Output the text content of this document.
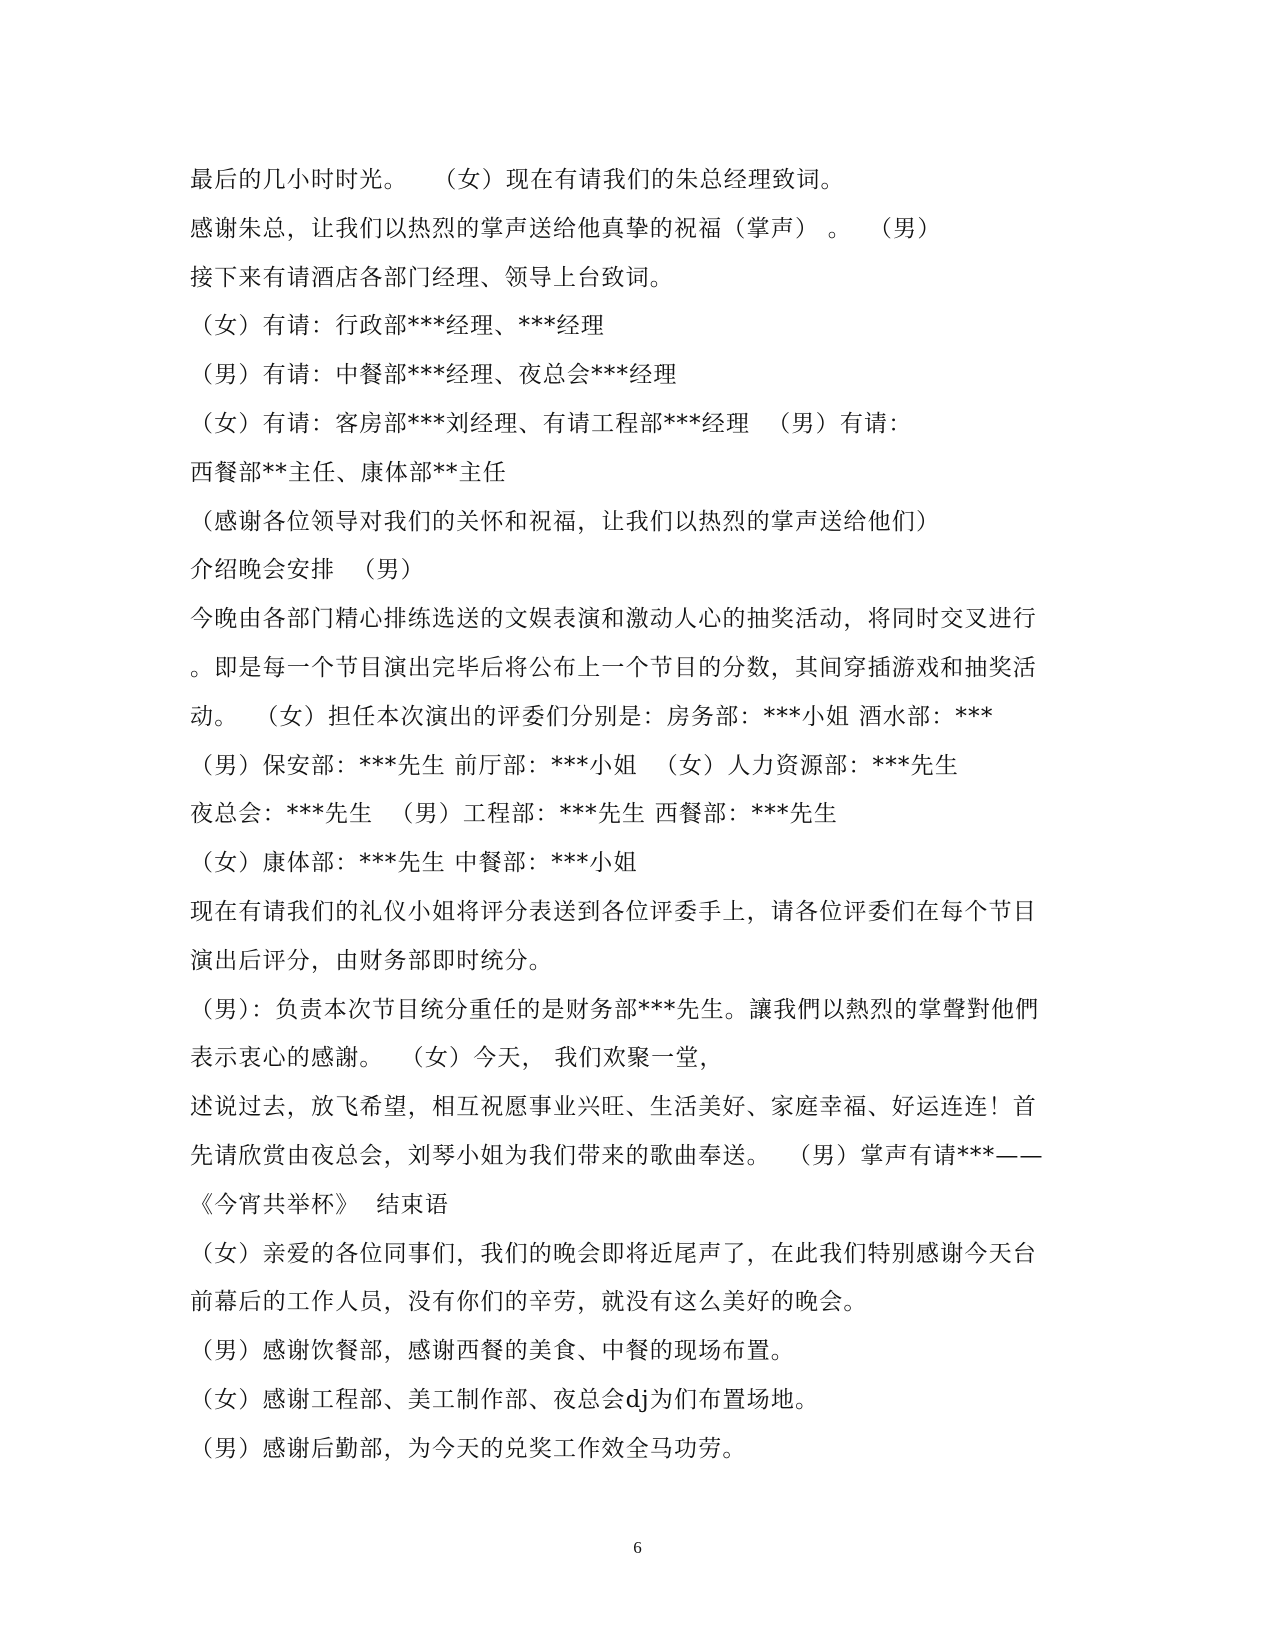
最后的几小时时光。   （女）现在有请我们的朱总经理致词。
感谢朱总，让我们以热烈的掌声送给他真挚的祝福（掌声） 。  （男）
接下来有请酒店各部门经理、领导上台致词。
（女）有请：行政部***经理、***经理
（男）有请：中餐部***经理、夜总会***经理
（女）有请：客房部***刘经理、有请工程部***经理  （男）有请：
西餐部**主任、康体部**主任
（感谢各位领导对我们的关怀和祝福，让我们以热烈的掌声送给他们）
介绍晚会安排  （男）
今晚由各部门精心排练选送的文娱表演和激动人心的抽奖活动，将同时交叉进行
。即是每一个节目演出完毕后将公布上一个节目的分数，其间穿插游戏和抽奖活
动。  （女）担任本次演出的评委们分别是：房务部：***小姐 酒水部：***
（男）保安部：***先生 前厅部：***小姐  （女）人力资源部：***先生
夜总会：***先生  （男）工程部：***先生 西餐部：***先生
（女）康体部：***先生 中餐部：***小姐
现在有请我们的礼仪小姐将评分表送到各位评委手上，请各位评委们在每个节目
演出后评分，由财务部即时统分。
（男）：负责本次节目统分重任的是财务部***先生。讓我們以熱烈的掌聲對他們
表示衷心的感謝。  （女）今天， 我们欢聚一堂，
述说过去，放飞希望，相互祝愿事业兴旺、生活美好、家庭幸福、好运连连！首
先请欣赏由夜总会，刘琴小姐为我们带来的歌曲奉送。  （男）掌声有请***——
《今宵共举杯》  结束语
（女）亲爱的各位同事们，我们的晚会即将近尾声了，在此我们特别感谢今天台
前幕后的工作人员，没有你们的辛劳，就没有这么美好的晚会。
（男）感谢饮餐部，感谢西餐的美食、中餐的现场布置。
（女）感谢工程部、美工制作部、夜总会dj为们布置场地。
（男）感谢后勤部，为今天的兑奖工作效全马功劳。
6
